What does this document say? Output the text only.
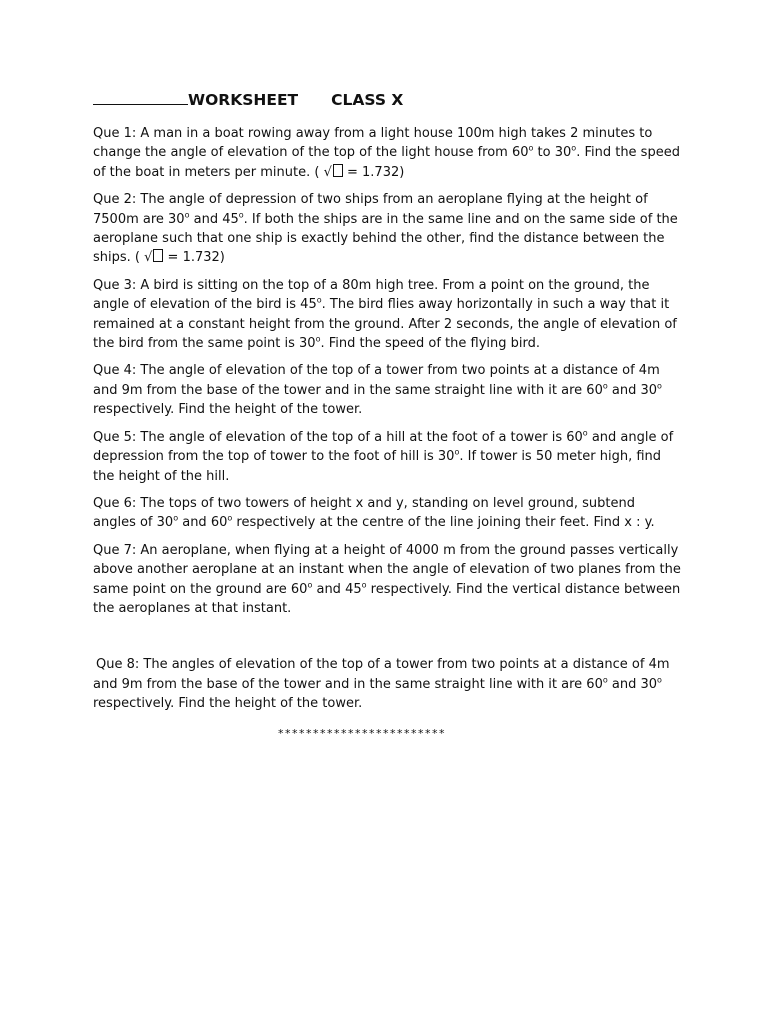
WORKSHEET CLASS X

Que 1: A man in a boat rowing away from a light house 100m high takes 2 minutes to change the angle of elevation of the top of the light house from 60$^o$ to 30$^o$. Find the speed of the boat in meters per minute. ( √ = 1.732)

Que 2: The angle of depression of two ships from an aeroplane flying at the height of 7500m are 30$^o$ and 45$^o$. If both the ships are in the same line and on the same side of the aeroplane such that one ship is exactly behind the other, find the distance between the ships. ( √ = 1.732)

Que 3: A bird is sitting on the top of a 80m high tree. From a point on the ground, the angle of elevation of the bird is 45$^o$. The bird flies away horizontally in such a way that it remained at a constant height from the ground. After 2 seconds, the angle of elevation of the bird from the same point is 30$^o$. Find the speed of the flying bird.

Que 4: The angle of elevation of the top of a tower from two points at a distance of 4m and 9m from the base of the tower and in the same straight line with it are 60$^o$ and 30$^o$ respectively. Find the height of the tower.

Que 5: The angle of elevation of the top of a hill at the foot of a tower is 60$^o$ and angle of depression from the top of tower to the foot of hill is 30$^o$. If tower is 50 meter high, find the height of the hill.

Que 6: The tops of two towers of height x and y, standing on level ground, subtend angles of 30$^o$ and 60$^o$ respectively at the centre of the line joining their feet. Find x : y.

Que 7: An aeroplane, when flying at a height of 4000 m from the ground passes vertically above another aeroplane at an instant when the angle of elevation of two planes from the same point on the ground are 60$^o$ and 45$^o$ respectively. Find the vertical distance between the aeroplanes at that instant.

Que 8: The angles of elevation of the top of a tower from two points at a distance of 4m and 9m from the base of the tower and in the same straight line with it are 60$^o$ and 30$^o$ respectively. Find the height of the tower.

************************
